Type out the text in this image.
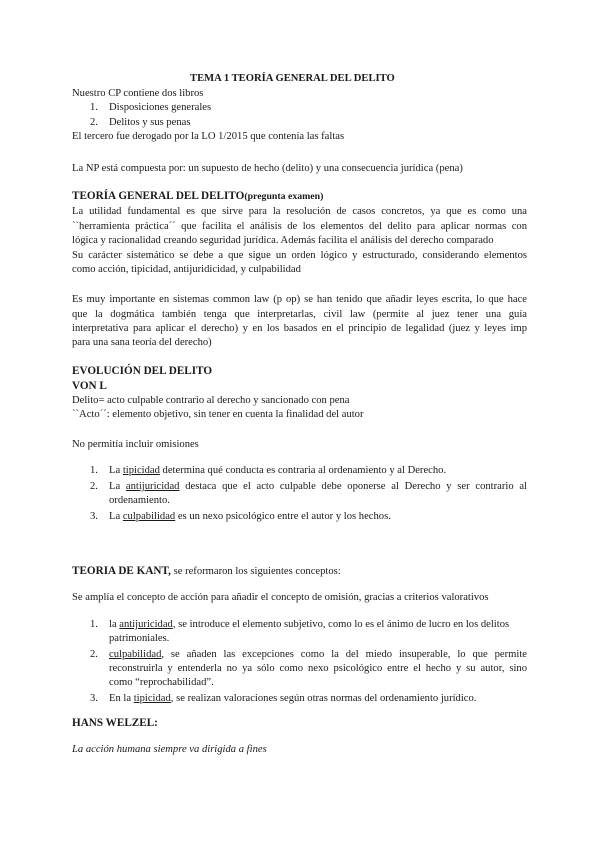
TEMA 1 TEORÍA GENERAL DEL DELITO
Nuestro CP contiene dos libros
1. Disposiciones generales
2. Delitos y sus penas
El tercero fue derogado por la LO 1/2015 que contenía las faltas
La NP está compuesta por: un supuesto de hecho (delito) y una consecuencia jurídica (pena)
TEORÍA GENERAL DEL DELITO(pregunta examen)
La utilidad fundamental es que sirve para la resolución de casos concretos, ya que es como una
``herramienta práctica´´ que facilita el análisis de los elementos del delito para aplicar normas con
lógica y racionalidad creando seguridad jurídica. Además facilita el análisis del derecho comparado
Su carácter sistemático se debe a que sigue un orden lógico y estructurado, considerando elementos
como acción, tipicidad, antijuridicidad, y culpabilidad
Es muy importante en sistemas common law (p op) se han tenido que añadir leyes escrita, lo que hace
que la dogmática también tenga que interpretarlas, civil law (permite al juez tener una guía
interpretativa para aplicar el derecho) y en los basados en el principio de legalidad (juez y leyes imp
para una sana teoría del derecho)
EVOLUCIÓN DEL DELITO
VON L
Delito= acto culpable contrario al derecho y sancionado con pena
``Acto´´: elemento objetivo, sin tener en cuenta la finalidad del autor
No permitía incluir omisiones
1. La tipicidad determina qué conducta es contraria al ordenamiento y al Derecho.
2. La antijuricidad destaca que el acto culpable debe oponerse al Derecho y ser contrario al
ordenamiento.
3. La culpabilidad es un nexo psicológico entre el autor y los hechos.
TEORIA DE KANT, se reformaron los siguientes conceptos:
Se amplía el concepto de acción para añadir el concepto de omisión, gracias a criterios valorativos
1. la antijuricidad, se introduce el elemento subjetivo, como lo es el ánimo de lucro en los delitos
patrimoniales.
2. culpabilidad, se añaden las excepciones como la del miedo insuperable, lo que permite
reconstruirla y entenderla no ya sólo como nexo psicológico entre el hecho y su autor, sino
como “reprochabilidad”.
3. En la tipicidad, se realizan valoraciones según otras normas del ordenamiento jurídico.
HANS WELZEL:
La acción humana siempre va dirigida a fines
